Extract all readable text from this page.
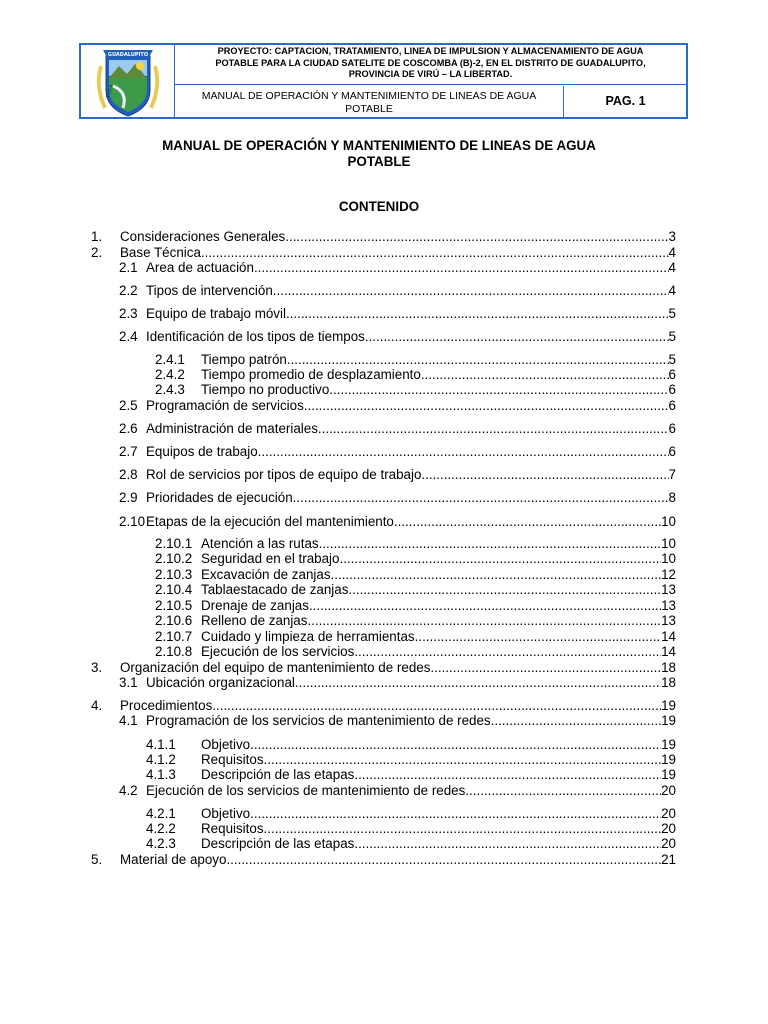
GUADALUPITO
1984
PROYECTO: CAPTACION, TRATAMIENTO, LINEA DE IMPULSION Y ALMACENAMIENTO DE AGUA
POTABLE PARA LA CIUDAD SATELITE DE COSCOMBA (B)-2, EN EL DISTRITO DE GUADALUPITO,
PROVINCIA DE VIRÚ – LA LIBERTAD.
MANUAL DE OPERACIÓN Y MANTENIMIENTO DE LINEAS DE AGUA
POTABLE
PAG. 1
MANUAL DE OPERACIÓN Y MANTENIMIENTO DE LINEAS DE AGUA
POTABLE
CONTENIDO
1.	Consideraciones Generales .....	3
2.	Base Técnica .....	4
2.1 Area de actuación .....	4
2.2 Tipos de intervención .....	4
2.3 Equipo de trabajo móvil .....	5
2.4 Identificación de los tipos de tiempos .....	5
2.4.1	Tiempo patrón .....	5
2.4.2	Tiempo promedio de desplazamiento .....	6
2.4.3	Tiempo no productivo .....	6
2.5 Programación de servicios .....	6
2.6 Administración de materiales .....	6
2.7 Equipos de trabajo .....	6
2.8 Rol de servicios por tipos de equipo de trabajo .....	7
2.9 Prioridades de ejecución .....	8
2.10 Etapas de la ejecución del mantenimiento .....	10
2.10.1 Atención a las rutas .....	10
2.10.2 Seguridad en el trabajo .....	10
2.10.3 Excavación de zanjas .....	12
2.10.4 Tablaestacado de zanjas .....	13
2.10.5 Drenaje de zanjas .....	13
2.10.6 Relleno de zanjas .....	13
2.10.7 Cuidado y limpieza de herramientas .....	14
2.10.8 Ejecución de los servicios .....	14
3.	Organización del equipo de mantenimiento de redes .....	18
3.1 Ubicación organizacional .....	18
4.	Procedimientos .....	19
4.1 Programación de los servicios de mantenimiento de redes .....	19
4.1.1	Objetivo .....	19
4.1.2	Requisitos .....	19
4.1.3	Descripción de las etapas .....	19
4.2 Ejecución de los servicios de mantenimiento de redes .....	20
4.2.1	Objetivo .....	20
4.2.2	Requisitos .....	20
4.2.3	Descripción de las etapas .....	20
5.	Material de apoyo .....	21
